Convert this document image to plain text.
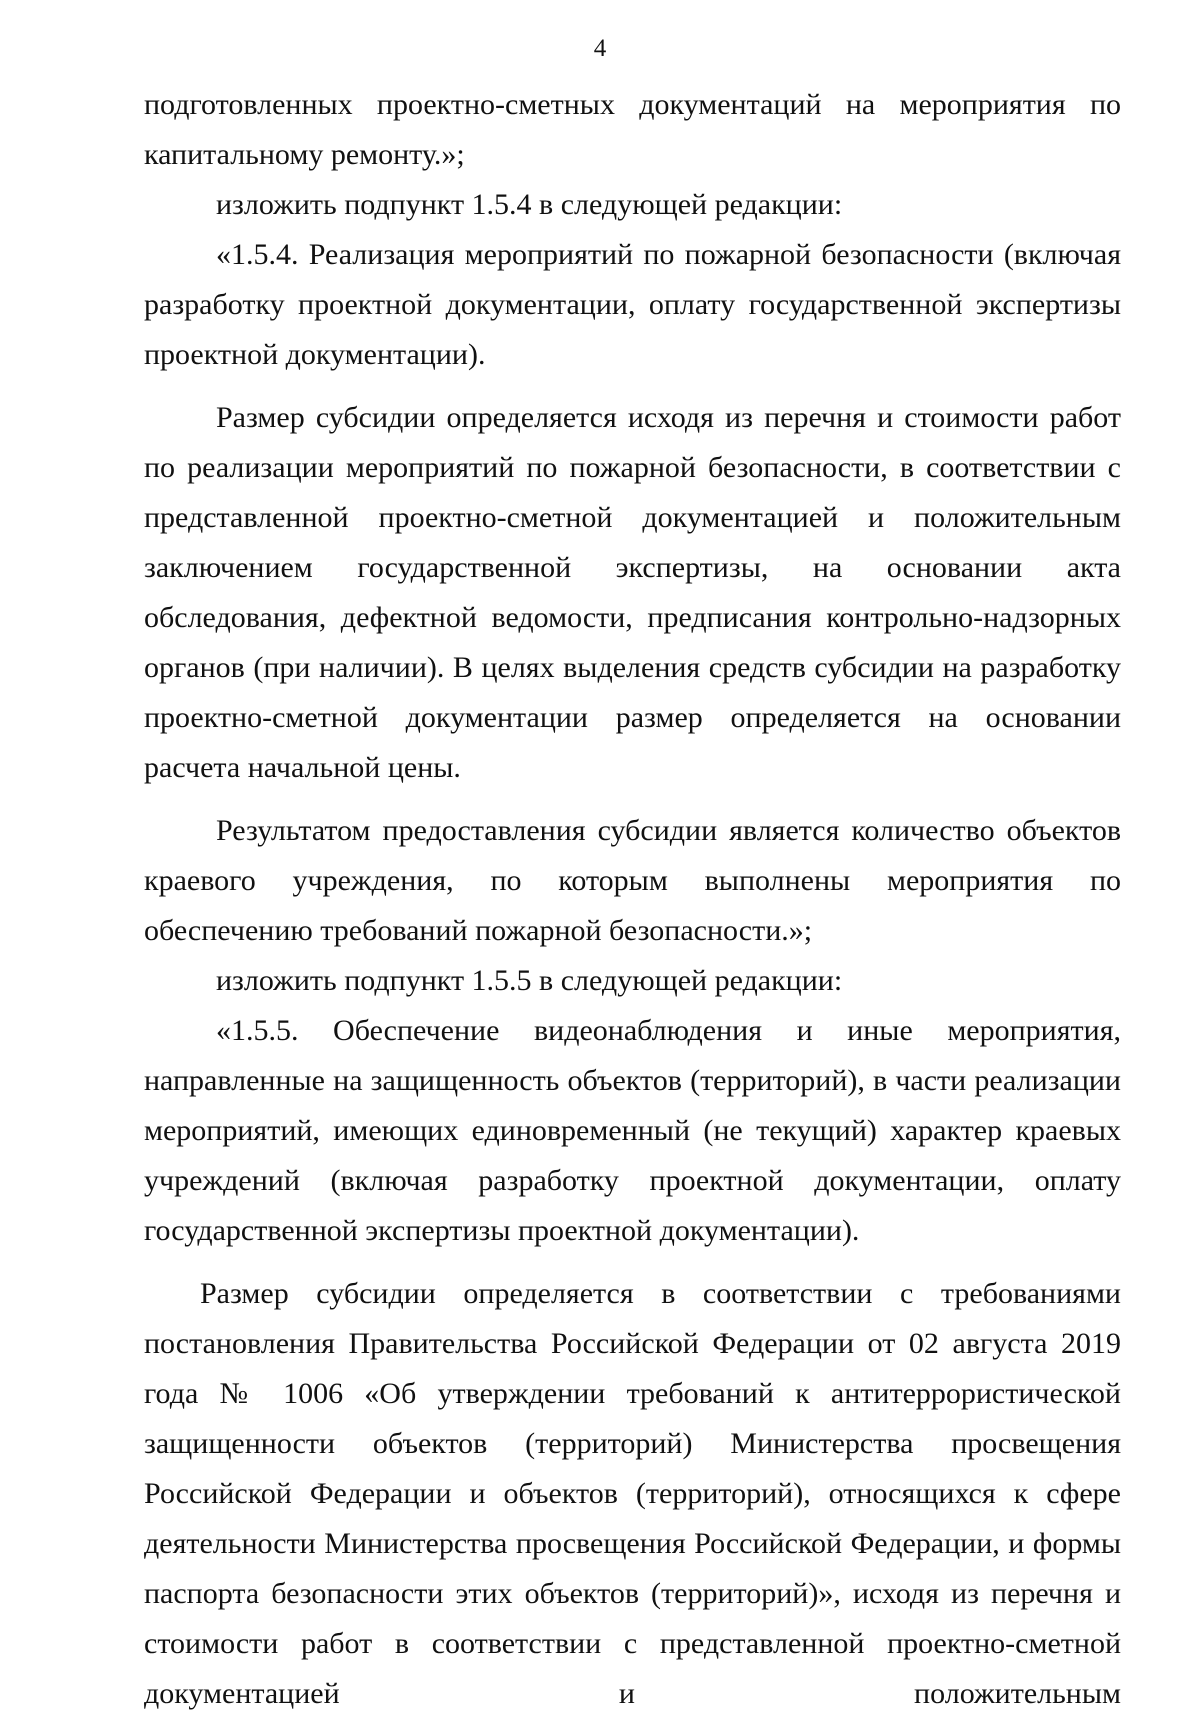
4

подготовленных проектно-сметных документаций на мероприятия по капитальному ремонту.»;

изложить подпункт 1.5.4 в следующей редакции:

«1.5.4. Реализация мероприятий по пожарной безопасности (включая разработку проектной документации, оплату государственной экспертизы проектной документации).

Размер субсидии определяется исходя из перечня и стоимости работ по реализации мероприятий по пожарной безопасности, в соответствии с представленной проектно-сметной документацией и положительным заключением государственной экспертизы, на основании акта обследования, дефектной ведомости, предписания контрольно-надзорных органов (при наличии). В целях выделения средств субсидии на разработку проектно-сметной документации размер определяется на основании расчета начальной цены.

Результатом предоставления субсидии является количество объектов краевого учреждения, по которым выполнены мероприятия по обеспечению требований пожарной безопасности.»;

изложить подпункт 1.5.5 в следующей редакции:

«1.5.5. Обеспечение видеонаблюдения и иные мероприятия, направленные на защищенность объектов (территорий), в части реализации мероприятий, имеющих единовременный (не текущий) характер краевых учреждений (включая разработку проектной документации, оплату государственной экспертизы проектной документации).

Размер субсидии определяется в соответствии с требованиями постановления Правительства Российской Федерации от 02 августа 2019 года № 1006 «Об утверждении требований к антитеррористической защищенности объектов (территорий) Министерства просвещения Российской Федерации и объектов (территорий), относящихся к сфере деятельности Министерства просвещения Российской Федерации, и формы паспорта безопасности этих объектов (территорий)», исходя из перечня и стоимости работ в соответствии с представленной проектно-сметной документацией и положительным
